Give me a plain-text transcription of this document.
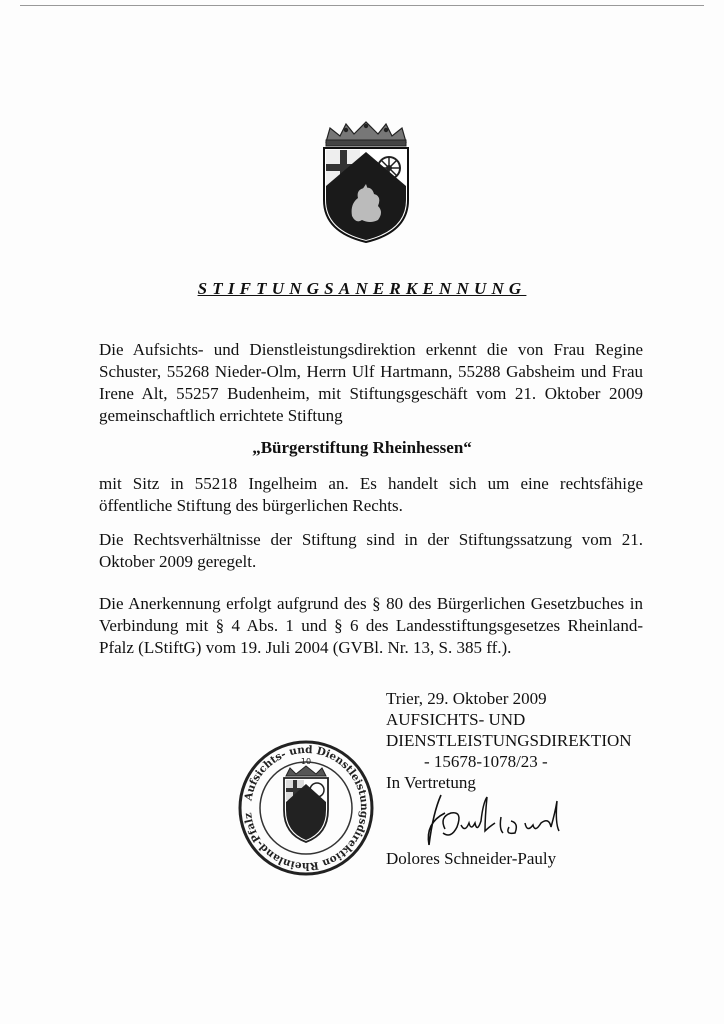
STIFTUNGSANERKENNUNG
Die Aufsichts- und Dienstleistungsdirektion erkennt die von Frau Regine Schuster, 55268 Nieder-Olm, Herrn Ulf Hartmann, 55288 Gabsheim und Frau Irene Alt, 55257 Budenheim, mit Stiftungsgeschäft vom 21. Oktober 2009 gemeinschaftlich errichtete Stiftung
„Bürgerstiftung Rheinhessen“
mit Sitz in 55218 Ingelheim an. Es handelt sich um eine rechtsfähige öffentliche Stiftung des bürgerlichen Rechts.
Die Rechtsverhältnisse der Stiftung sind in der Stiftungssatzung vom 21. Oktober 2009 geregelt.
Die Anerkennung erfolgt aufgrund des § 80 des Bürgerlichen Gesetzbuches in Verbindung mit § 4 Abs. 1 und § 6 des Landesstiftungsgesetzes Rheinland-Pfalz (LStiftG) vom 19. Juli 2004 (GVBl. Nr. 13, S. 385 ff.).
Trier, 29. Oktober 2009
AUFSICHTS- UND
DIENSTLEISTUNGSDIREKTION
- 15678-1078/23 -
In Vertretung
Dolores Schneider-Pauly
Aufsichts- und Dienstleistungsdirektion Rheinland-Pfalz
10
